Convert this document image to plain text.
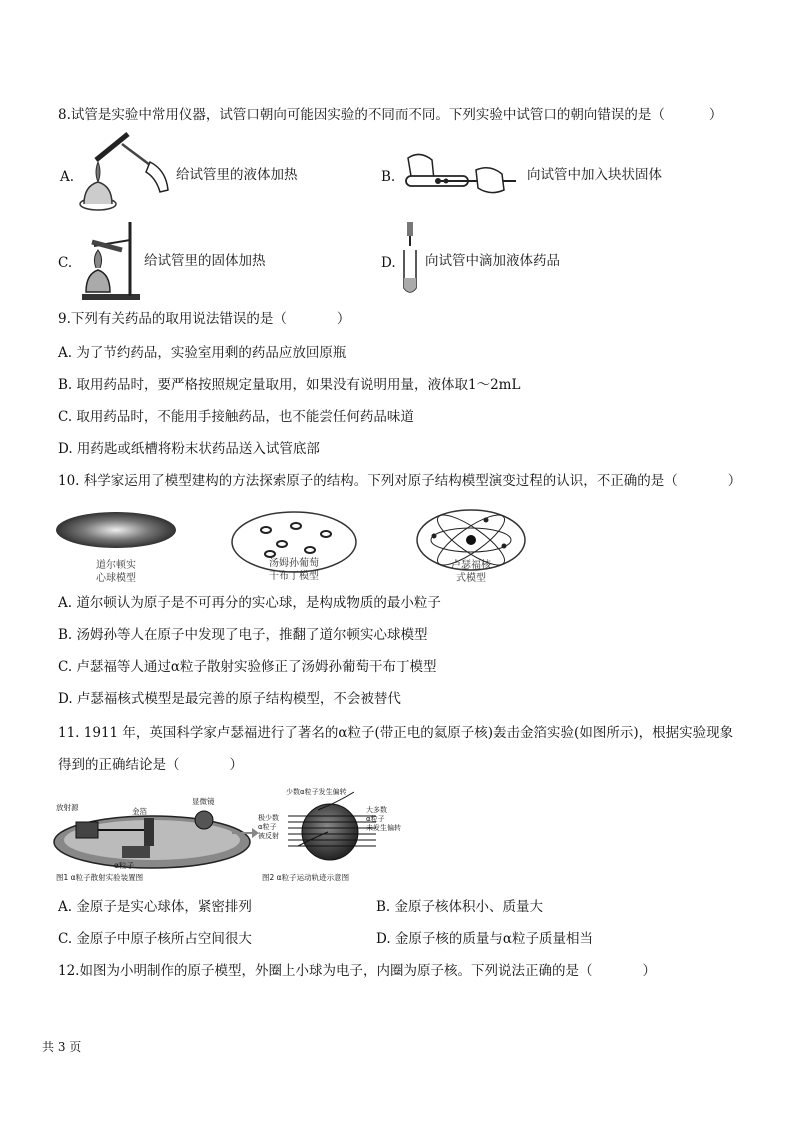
8.试管是实验中常用仪器，试管口朝向可能因实验的不同而不同。下列实验中试管口的朝向错误的是（	）
A.	给试管里的液体加热	B.	向试管中加入块状固体
C.	给试管里的固体加热	D. 向试管中滴加液体药品
9.下列有关药品的取用说法错误的是（	）
A. 为了节约药品，实验室用剩的药品应放回原瓶
B. 取用药品时，要严格按照规定量取用，如果没有说明用量，液体取1～2mL
C. 取用药品时，不能用手接触药品，也不能尝任何药品味道
D. 用药匙或纸槽将粉末状药品送入试管底部
10. 科学家运用了模型建构的方法探索原子的结构。下列对原子结构模型演变过程的认识，不正确的是（	）
道尔顿实
心球模型
汤姆孙葡萄
干布丁模型
卢瑟福核
式模型
A. 道尔顿认为原子是不可再分的实心球，是构成物质的最小粒子
B. 汤姆孙等人在原子中发现了电子，推翻了道尔顿实心球模型
C. 卢瑟福等人通过α粒子散射实验修正了汤姆孙葡萄干布丁模型
D. 卢瑟福核式模型是最完善的原子结构模型，不会被替代
11. 1911 年，英国科学家卢瑟福进行了著名的α粒子(带正电的氦原子核)轰击金箔实验(如图所示)，根据实验现象
得到的正确结论是（	）
放射源	金箔
显微镜
α粒子
图1 α粒子散射实验装置图
少数α粒子发生偏转
极少数
α粒子
被反射
大多数
α粒子
未发生偏转
图2 α粒子运动轨迹示意图
A. 金原子是实心球体，紧密排列	B. 金原子核体积小、质量大
C. 金原子中原子核所占空间很大	D. 金原子核的质量与α粒子质量相当
12.如图为小明制作的原子模型，外圈上小球为电子，内圈为原子核。下列说法正确的是（	）
共 3 页
